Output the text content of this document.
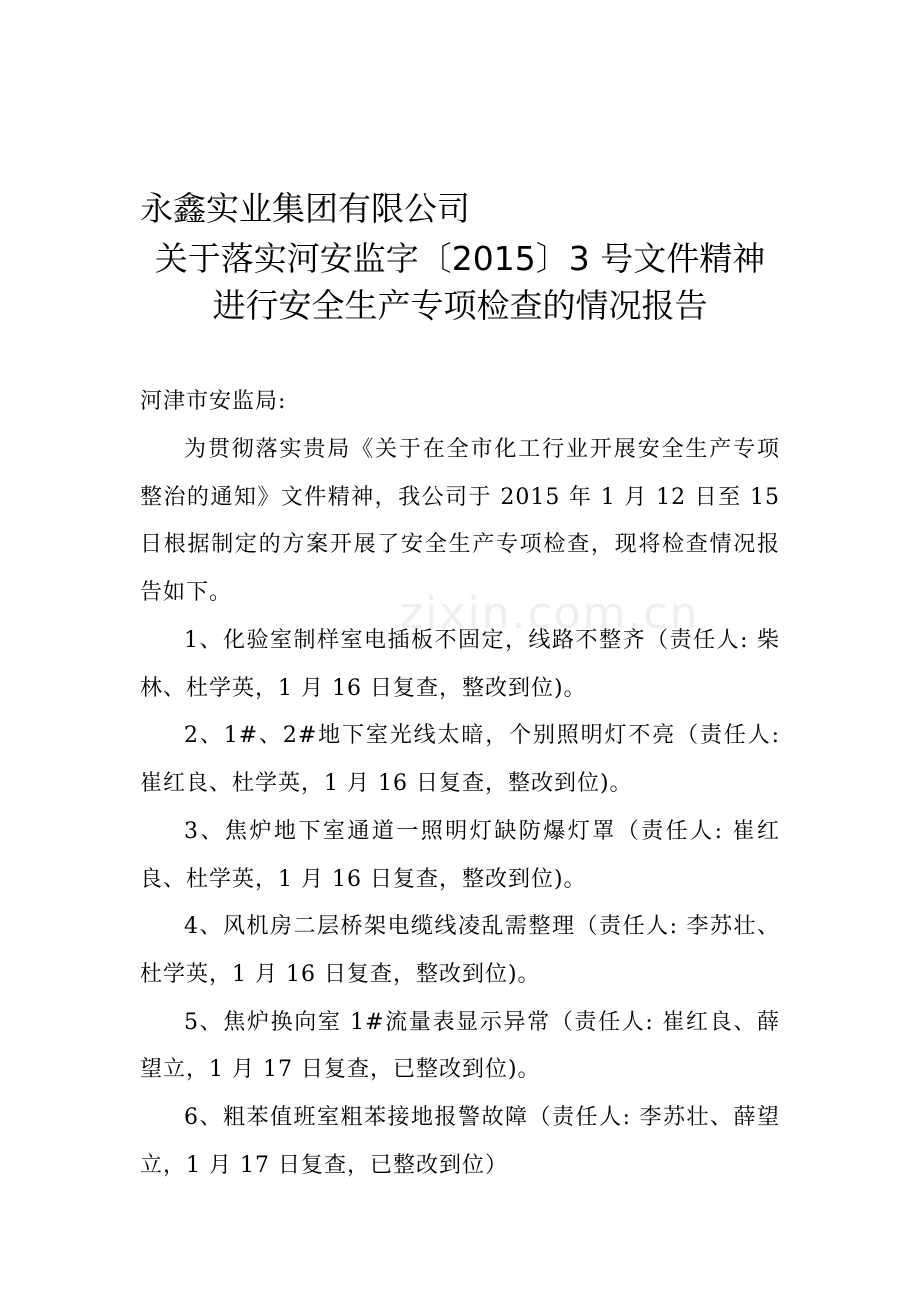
永鑫实业集团有限公司
关于落实河安监字〔2015〕3 号文件精神
进行安全生产专项检查的情况报告
河津市安监局:
为贯彻落实贵局《关于在全市化工行业开展安全生产专项整治的通知》文件精神，我公司于 2015 年 1 月 12 日至 15 日根据制定的方案开展了安全生产专项检查，现将检查情况报告如下。

1、化验室制样室电插板不固定，线路不整齐（责任人: 柴林、杜学英，1 月 16 日复查，整改到位)。

2、1#、2#地下室光线太暗，个别照明灯不亮（责任人: 崔红良、杜学英，1 月 16 日复查，整改到位)。

3、焦炉地下室通道一照明灯缺防爆灯罩（责任人: 崔红良、杜学英，1 月 16 日复查，整改到位)。

4、风机房二层桥架电缆线凌乱需整理（责任人: 李苏壮、杜学英，1 月 16 日复查，整改到位)。

5、焦炉换向室 1#流量表显示异常（责任人: 崔红良、薛望立，1 月 17 日复查，已整改到位)。

6、粗苯值班室粗苯接地报警故障（责任人: 李苏壮、薛望立，1 月 17 日复查，已整改到位）

zixin.com.cn
